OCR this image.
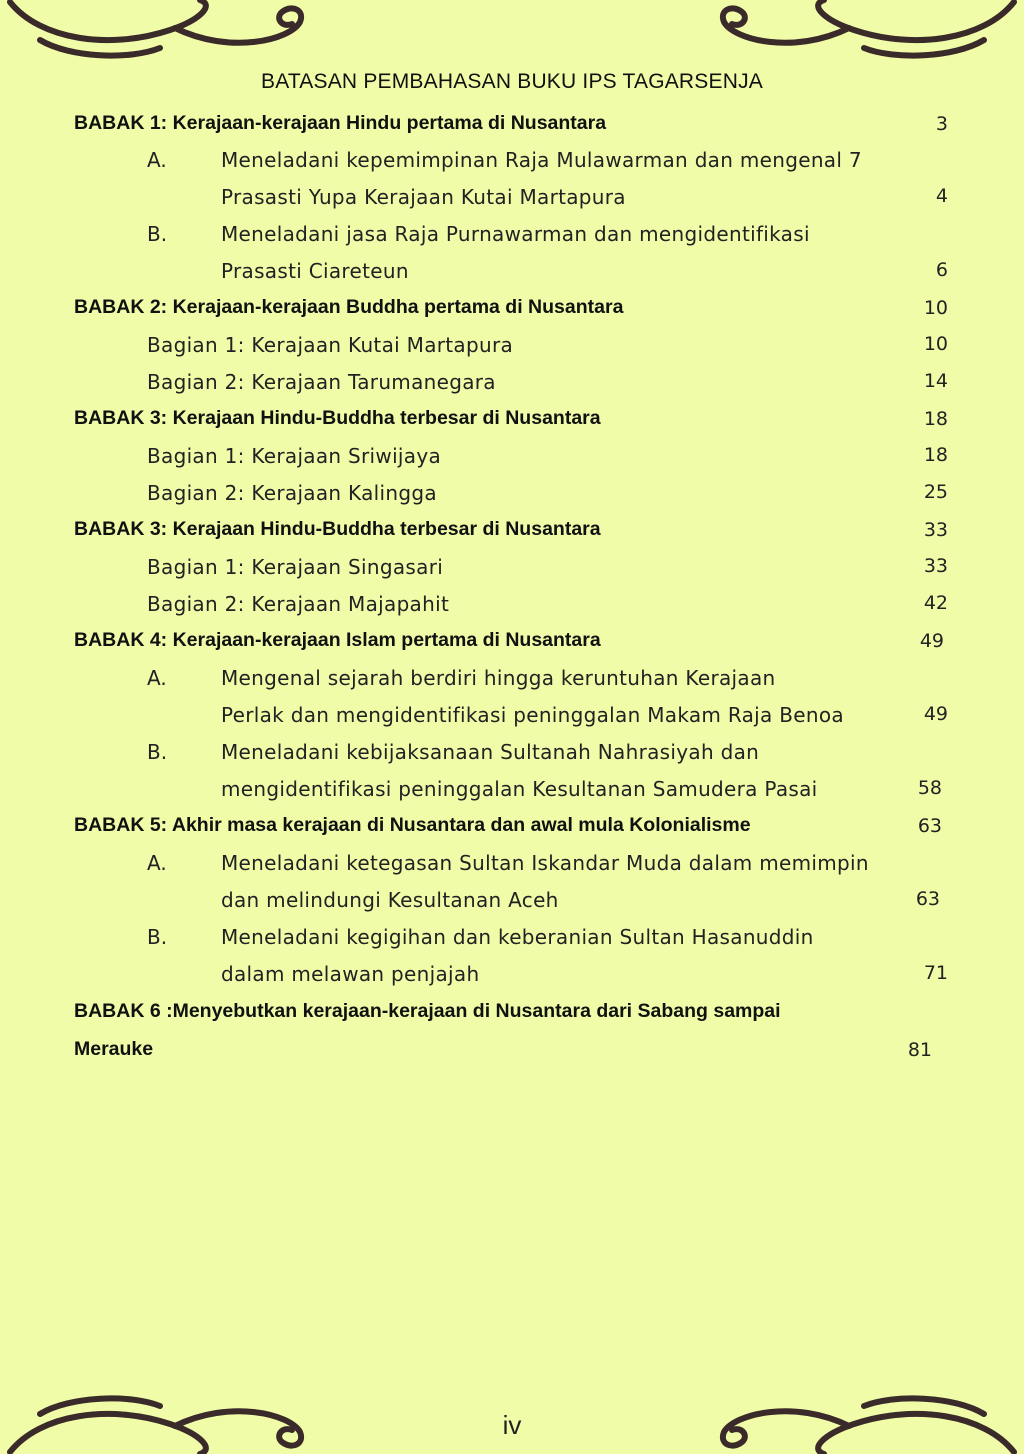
BATASAN PEMBAHASAN BUKU IPS TAGARSENJA
BABAK 1: Kerajaan-kerajaan Hindu pertama di Nusantara	3
A.	Meneladani kepemimpinan Raja Mulawarman dan mengenal 7
Prasasti Yupa Kerajaan Kutai Martapura	4
B.	Meneladani jasa Raja Purnawarman dan mengidentifikasi
Prasasti Ciareteun	6
BABAK 2: Kerajaan-kerajaan Buddha pertama di Nusantara	10
Bagian 1: Kerajaan Kutai Martapura	10
Bagian 2: Kerajaan Tarumanegara	14
BABAK 3: Kerajaan Hindu-Buddha terbesar di Nusantara	18
Bagian 1: Kerajaan Sriwijaya	18
Bagian 2: Kerajaan Kalingga	25
BABAK 3: Kerajaan Hindu-Buddha terbesar di Nusantara	33
Bagian 1: Kerajaan Singasari	33
Bagian 2: Kerajaan Majapahit	42
BABAK 4: Kerajaan-kerajaan Islam pertama di Nusantara	49
A.	Mengenal sejarah berdiri hingga keruntuhan Kerajaan
Perlak dan mengidentifikasi peninggalan Makam Raja Benoa	49
B.	Meneladani kebijaksanaan Sultanah Nahrasiyah dan
mengidentifikasi peninggalan Kesultanan Samudera Pasai	58
BABAK 5: Akhir masa kerajaan di Nusantara dan awal mula Kolonialisme	63
A.	Meneladani ketegasan Sultan Iskandar Muda dalam memimpin
dan melindungi Kesultanan Aceh	63
B.	Meneladani kegigihan dan keberanian Sultan Hasanuddin
dalam melawan penjajah	71
BABAK 6 :Menyebutkan kerajaan-kerajaan di Nusantara dari Sabang sampai
Merauke	81
iv
